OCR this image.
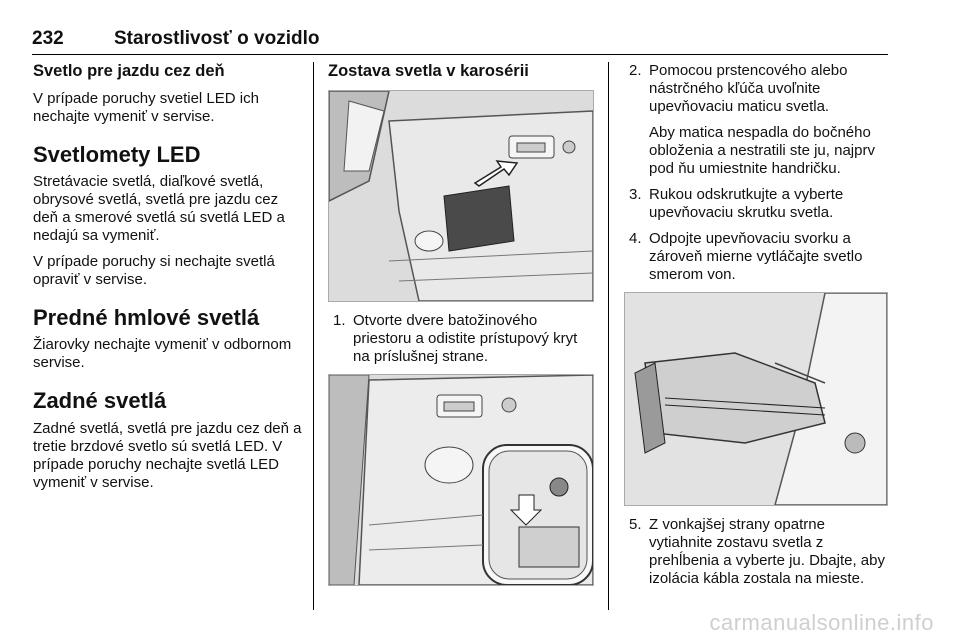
232	Starostlivosť o vozidlo
Svetlo pre jazdu cez deň

V prípade poruchy svetiel LED ich nechajte vymeniť v servise.

Svetlomety LED

Stretávacie svetlá, diaľkové svetlá, obrysové svetlá, svetlá pre jazdu cez deň a smerové svetlá sú svetlá LED a nedajú sa vymeniť.

V prípade poruchy si nechajte svetlá opraviť v servise.

Predné hmlové svetlá

Žiarovky nechajte vymeniť v odbornom servise.

Zadné svetlá

Zadné svetlá, svetlá pre jazdu cez deň a tretie brzdové svetlo sú svetlá LED. V prípade poruchy nechajte svetlá LED vymeniť v servise.

Zostava svetla v karosérii
1. Otvorte dvere batožinového priestoru a odistite prístupový kryt na príslušnej strane.
2. Pomocou prstencového alebo nástrčného kľúča uvoľnite upevňovaciu maticu svetla.

Aby matica nespadla do bočného obloženia a nestratili ste ju, najprv pod ňu umiestnite handričku.

3. Rukou odskrutkujte a vyberte upevňovaciu skrutku svetla.
4. Odpojte upevňovaciu svorku a zároveň mierne vytláčajte svetlo smerom von.
5. Z vonkajšej strany opatrne vytiahnite zostavu svetla z prehĺbenia a vyberte ju. Dbajte, aby izolácia kábla zostala na mieste.
carmanualsonline.info
